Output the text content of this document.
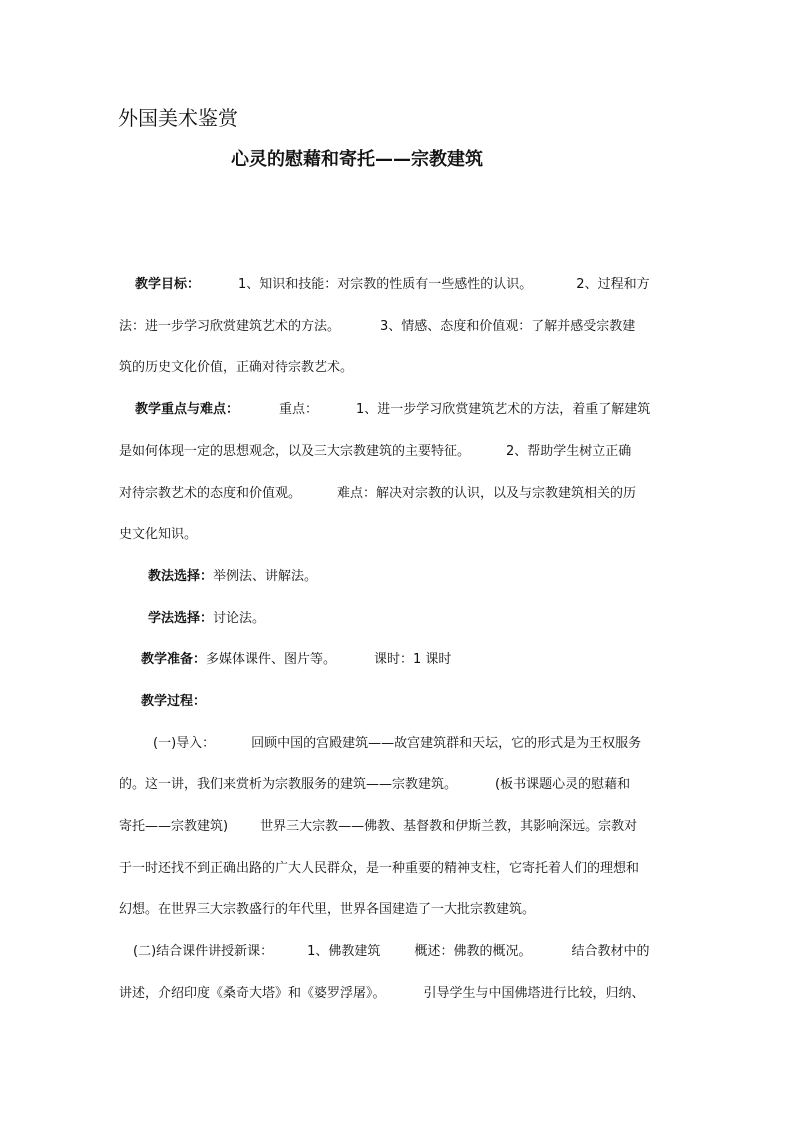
外国美术鉴赏
心灵的慰藉和寄托——宗教建筑
教学目标：	1、知识和技能：对宗教的性质有一些感性的认识。	2、过程和方
法：进一步学习欣赏建筑艺术的方法。	3、情感、态度和价值观：了解并感受宗教建
筑的历史文化价值，正确对待宗教艺术。
教学重点与难点：	重点：	1、进一步学习欣赏建筑艺术的方法，着重了解建筑
是如何体现一定的思想观念，以及三大宗教建筑的主要特征。	2、帮助学生树立正确
对待宗教艺术的态度和价值观。	难点：解决对宗教的认识，以及与宗教建筑相关的历
史文化知识。
教法选择：举例法、讲解法。
学法选择：讨论法。
教学准备：多媒体课件、图片等。	课时：1 课时
教学过程：
(一)导入：	回顾中国的宫殿建筑——故宫建筑群和天坛，它的形式是为王权服务
的。这一讲，我们来赏析为宗教服务的建筑——宗教建筑。	(板书课题心灵的慰藉和
寄托——宗教建筑) 世界三大宗教——佛教、基督教和伊斯兰教，其影响深远。宗教对
于一时还找不到正确出路的广大人民群众，是一种重要的精神支柱，它寄托着人们的理想和
幻想。在世界三大宗教盛行的年代里，世界各国建造了一大批宗教建筑。
(二)结合课件讲授新课：	1、佛教建筑	概述：佛教的概况。	结合教材中的
讲述，介绍印度《桑奇大塔》和《婆罗浮屠》。	引导学生与中国佛塔进行比较，归纳、
